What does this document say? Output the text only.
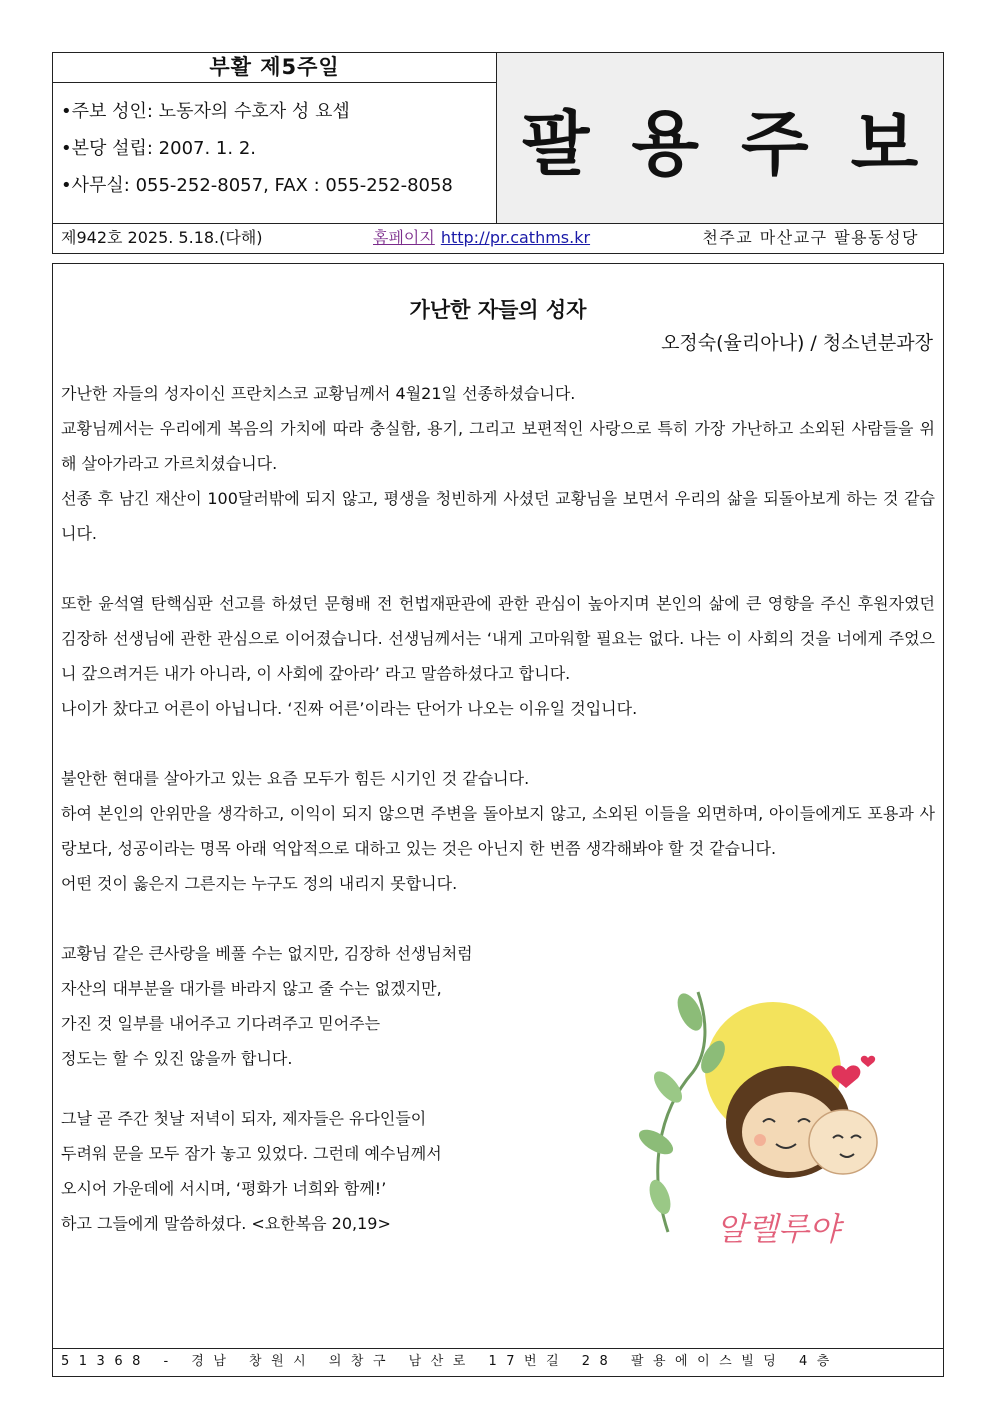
부활 제5주일
•주보 성인: 노동자의 수호자 성 요셉
•본당 설립: 2007. 1. 2.
•사무실: 055-252-8057, FAX : 055-252-8058
팔용주보
제942호 2025. 5.18.(다해)	홈페이지 http://pr.cathms.kr	천주교 마산교구 팔용동성당
가난한 자들의 성자
오정숙(율리아나) / 청소년분과장

가난한 자들의 성자이신 프란치스코 교황님께서 4월21일 선종하셨습니다.

교황님께서는 우리에게 복음의 가치에 따라 충실함, 용기, 그리고 보편적인 사랑으로 특히 가장 가난하고 소외된 사람들을 위해 살아가라고 가르치셨습니다.

선종 후 남긴 재산이 100달러밖에 되지 않고, 평생을 청빈하게 사셨던 교황님을 보면서 우리의 삶을 되돌아보게 하는 것 같습니다.

또한 윤석열 탄핵심판 선고를 하셨던 문형배 전 헌법재판관에 관한 관심이 높아지며 본인의 삶에 큰 영향을 주신 후원자였던 김장하 선생님에 관한 관심으로 이어졌습니다. 선생님께서는 ‘내게 고마워할 필요는 없다. 나는 이 사회의 것을 너에게 주었으니 갚으려거든 내가 아니라, 이 사회에 갚아라’ 라고 말씀하셨다고 합니다.

나이가 찼다고 어른이 아닙니다. ‘진짜 어른’이라는 단어가 나오는 이유일 것입니다.

불안한 현대를 살아가고 있는 요즘 모두가 힘든 시기인 것 같습니다.

하여 본인의 안위만을 생각하고, 이익이 되지 않으면 주변을 돌아보지 않고, 소외된 이들을 외면하며, 아이들에게도 포용과 사랑보다, 성공이라는 명목 아래 억압적으로 대하고 있는 것은 아닌지 한 번쯤 생각해봐야 할 것 같습니다.

어떤 것이 옳은지 그른지는 누구도 정의 내리지 못합니다.

교황님 같은 큰사랑을 베풀 수는 없지만, 김장하 선생님처럼

자산의 대부분을 대가를 바라지 않고 줄 수는 없겠지만,

가진 것 일부를 내어주고 기다려주고 믿어주는

정도는 할 수 있진 않을까 합니다.

그날 곧 주간 첫날 저녁이 되자, 제자들은 유다인들이

두려워 문을 모두 잠가 놓고 있었다. 그런데 예수님께서

오시어 가운데에 서시며, ‘평화가 너희와 함께!’

하고 그들에게 말씀하셨다. <요한복음 20,19>	알렐루야
51368 - 경남 창원시 의창구 남산로 17번길 28 팔용에이스빌딩 4층
